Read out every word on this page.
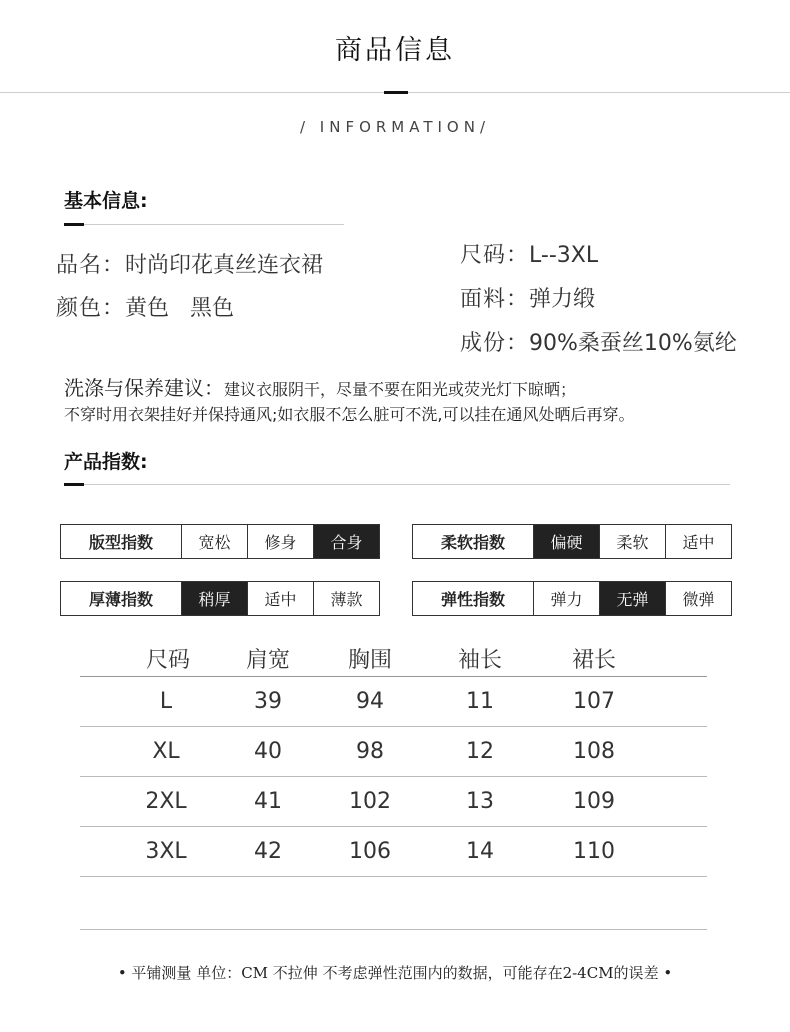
商品信息
/ INFORMATION/
基本信息:
品名：时尚印花真丝连衣裙
颜色：黄色   黑色
尺码：L--3XL
面料：弹力缎
成份：90%桑蚕丝10%氨纶
洗涤与保养建议：建议衣服阴干，尽量不要在阳光或荧光灯下晾晒；
不穿时用衣架挂好并保持通风;如衣服不怎么脏可不洗,可以挂在通风处晒后再穿。
产品指数:
版型指数	宽松	修身	合身	柔软指数	偏硬	柔软	适中
厚薄指数	稍厚	适中	薄款	弹性指数	弹力	无弹	微弹
尺码	肩宽	胸围	袖长	裙长
L	39	94	11	107
XL	40	98	12	108
2XL	41	102	13	109
3XL	42	106	14	110
• 平铺测量 单位：CM 不拉伸 不考虑弹性范围内的数据，可能存在2-4CM的误差 •
